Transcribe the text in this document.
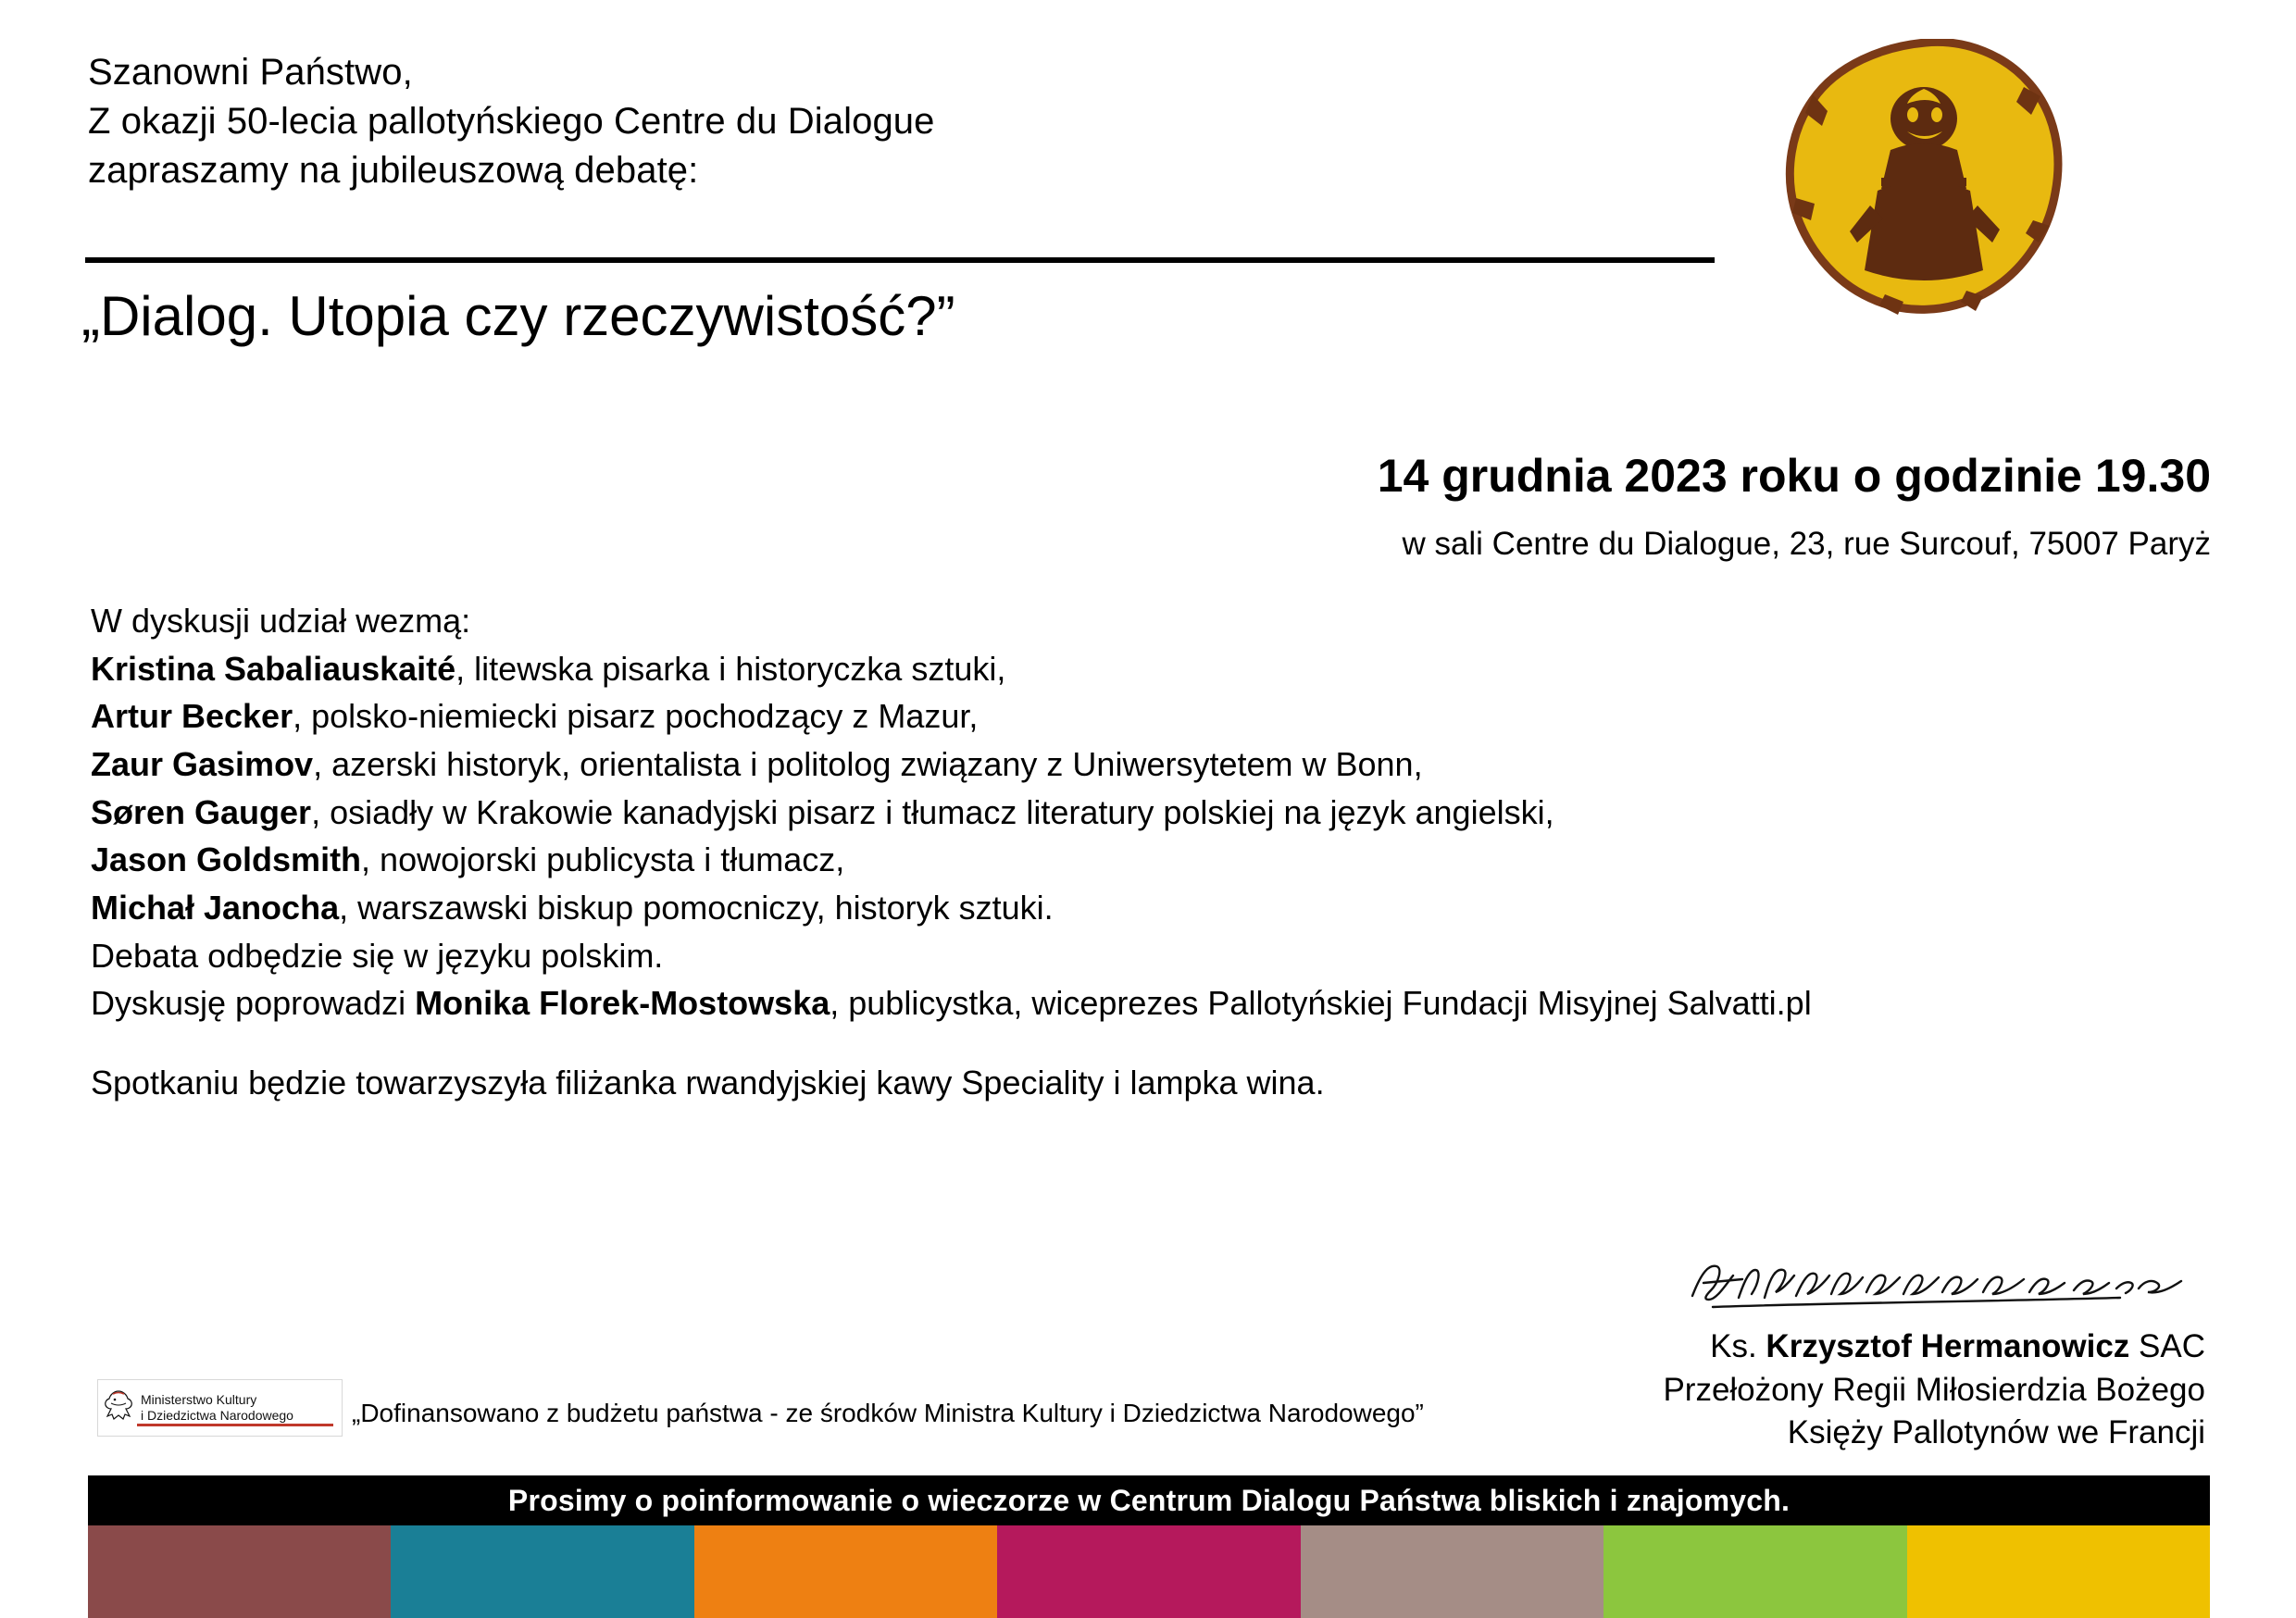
Szanowni Państwo,
Z okazji 50-lecia pallotyńskiego Centre du Dialogue
zapraszamy na jubileuszową debatę:
„Dialog. Utopia czy rzeczywistość?”
14 grudnia 2023 roku o godzinie 19.30
w sali Centre du Dialogue, 23, rue Surcouf, 75007 Paryż
W dyskusji udział wezmą:
Kristina Sabaliauskaité, litewska pisarka i historyczka sztuki,
Artur Becker, polsko-niemiecki pisarz pochodzący z Mazur,
Zaur Gasimov, azerski historyk, orientalista i politolog związany z Uniwersytetem w Bonn,
Søren Gauger, osiadły w Krakowie kanadyjski pisarz i tłumacz literatury polskiej na język angielski,
Jason Goldsmith, nowojorski publicysta i tłumacz,
Michał Janocha, warszawski biskup pomocniczy, historyk sztuki.
Debata odbędzie się w języku polskim.
Dyskusję poprowadzi Monika Florek-Mostowska, publicystka, wiceprezes Pallotyńskiej Fundacji Misyjnej Salvatti.pl
Spotkaniu będzie towarzyszyła filiżanka rwandyjskiej kawy Speciality i lampka wina.
Ks. Krzysztof Hermanowicz SAC
Przełożony Regii Miłosierdzia Bożego
Księży Pallotynów we Francji
Ministerstwo Kultury
i Dziedzictwa Narodowego „Dofinansowano z budżetu państwa - ze środków Ministra Kultury i Dziedzictwa Narodowego”
Prosimy o poinformowanie o wieczorze w Centrum Dialogu Państwa bliskich i znajomych.
